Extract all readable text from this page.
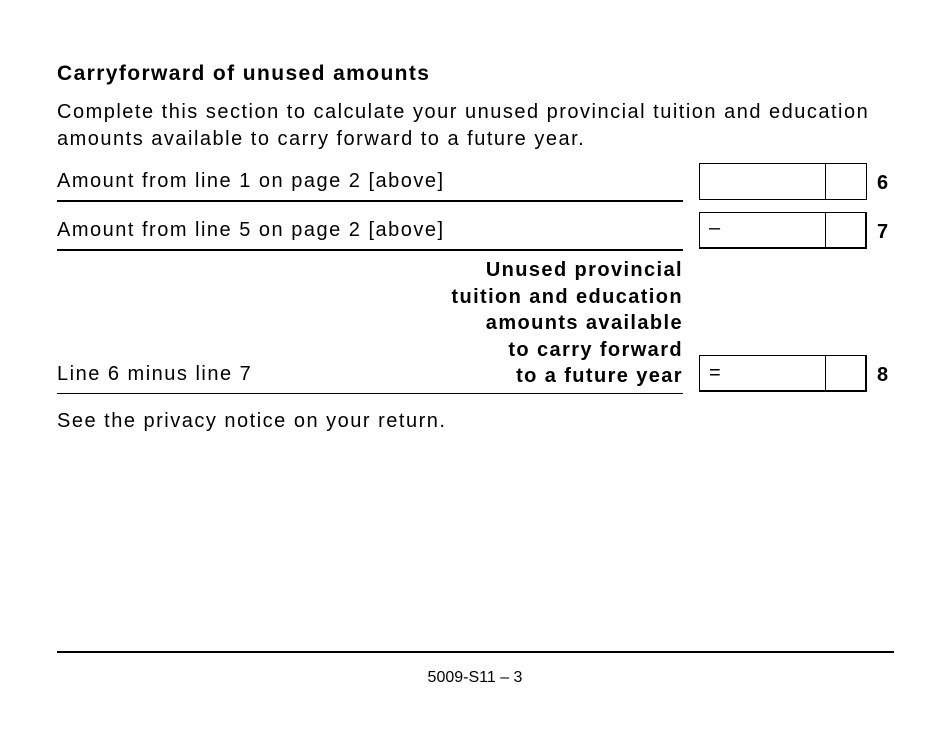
Carryforward of unused amounts
Complete this section to calculate your unused provincial tuition and education amounts available to carry forward to a future year.
Amount from line 1 on page 2 [above]	6
Amount from line 5 on page 2 [above]	–	7
Unused provincial
tuition and education
amounts available
to carry forward
to a future year
Line 6 minus line 7	=	8
See the privacy notice on your return.
5009-S11 – 3
